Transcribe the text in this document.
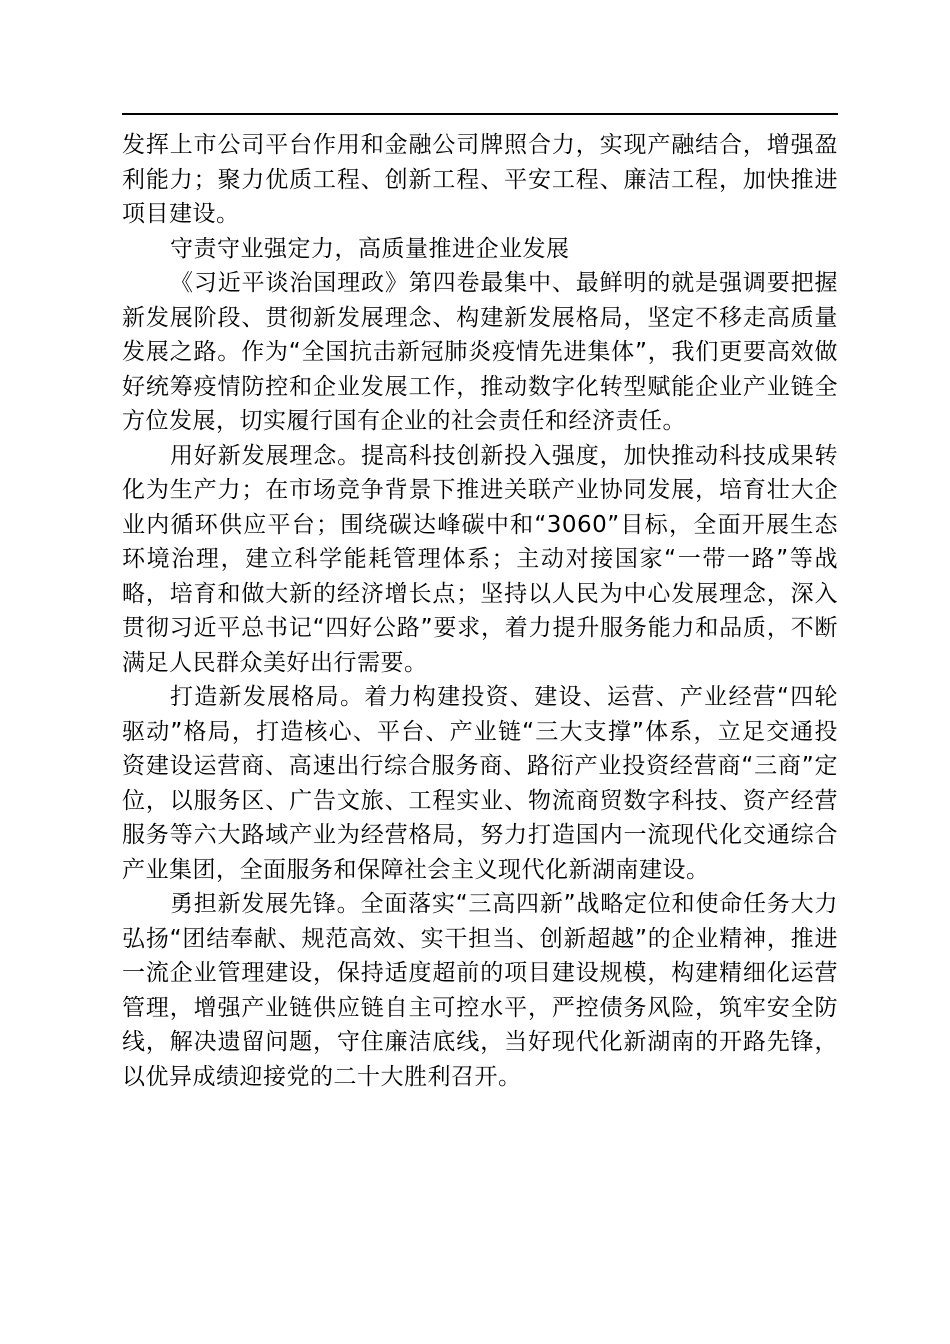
发挥上市公司平台作用和金融公司牌照合力，实现产融结合，增强盈利能力；聚力优质工程、创新工程、平安工程、廉洁工程，加快推进项目建设。

守责守业强定力，高质量推进企业发展

《习近平谈治国理政》第四卷最集中、最鲜明的就是强调要把握新发展阶段、贯彻新发展理念、构建新发展格局，坚定不移走高质量发展之路。作为“全国抗击新冠肺炎疫情先进集体”，我们更要高效做好统筹疫情防控和企业发展工作，推动数字化转型赋能企业产业链全方位发展，切实履行国有企业的社会责任和经济责任。

用好新发展理念。提高科技创新投入强度，加快推动科技成果转化为生产力；在市场竞争背景下推进关联产业协同发展，培育壮大企业内循环供应平台；围绕碳达峰碳中和“3060”目标，全面开展生态环境治理，建立科学能耗管理体系；主动对接国家“一带一路”等战略，培育和做大新的经济增长点；坚持以人民为中心发展理念，深入贯彻习近平总书记“四好公路”要求，着力提升服务能力和品质，不断满足人民群众美好出行需要。

打造新发展格局。着力构建投资、建设、运营、产业经营“四轮驱动”格局，打造核心、平台、产业链“三大支撑”体系，立足交通投资建设运营商、高速出行综合服务商、路衍产业投资经营商“三商”定位，以服务区、广告文旅、工程实业、物流商贸数字科技、资产经营服务等六大路域产业为经营格局，努力打造国内一流现代化交通综合产业集团，全面服务和保障社会主义现代化新湖南建设。

勇担新发展先锋。全面落实“三高四新”战略定位和使命任务大力弘扬“团结奉献、规范高效、实干担当、创新超越”的企业精神，推进一流企业管理建设，保持适度超前的项目建设规模，构建精细化运营管理，增强产业链供应链自主可控水平，严控债务风险，筑牢安全防线，解决遗留问题，守住廉洁底线，当好现代化新湖南的开路先锋，以优异成绩迎接党的二十大胜利召开。
